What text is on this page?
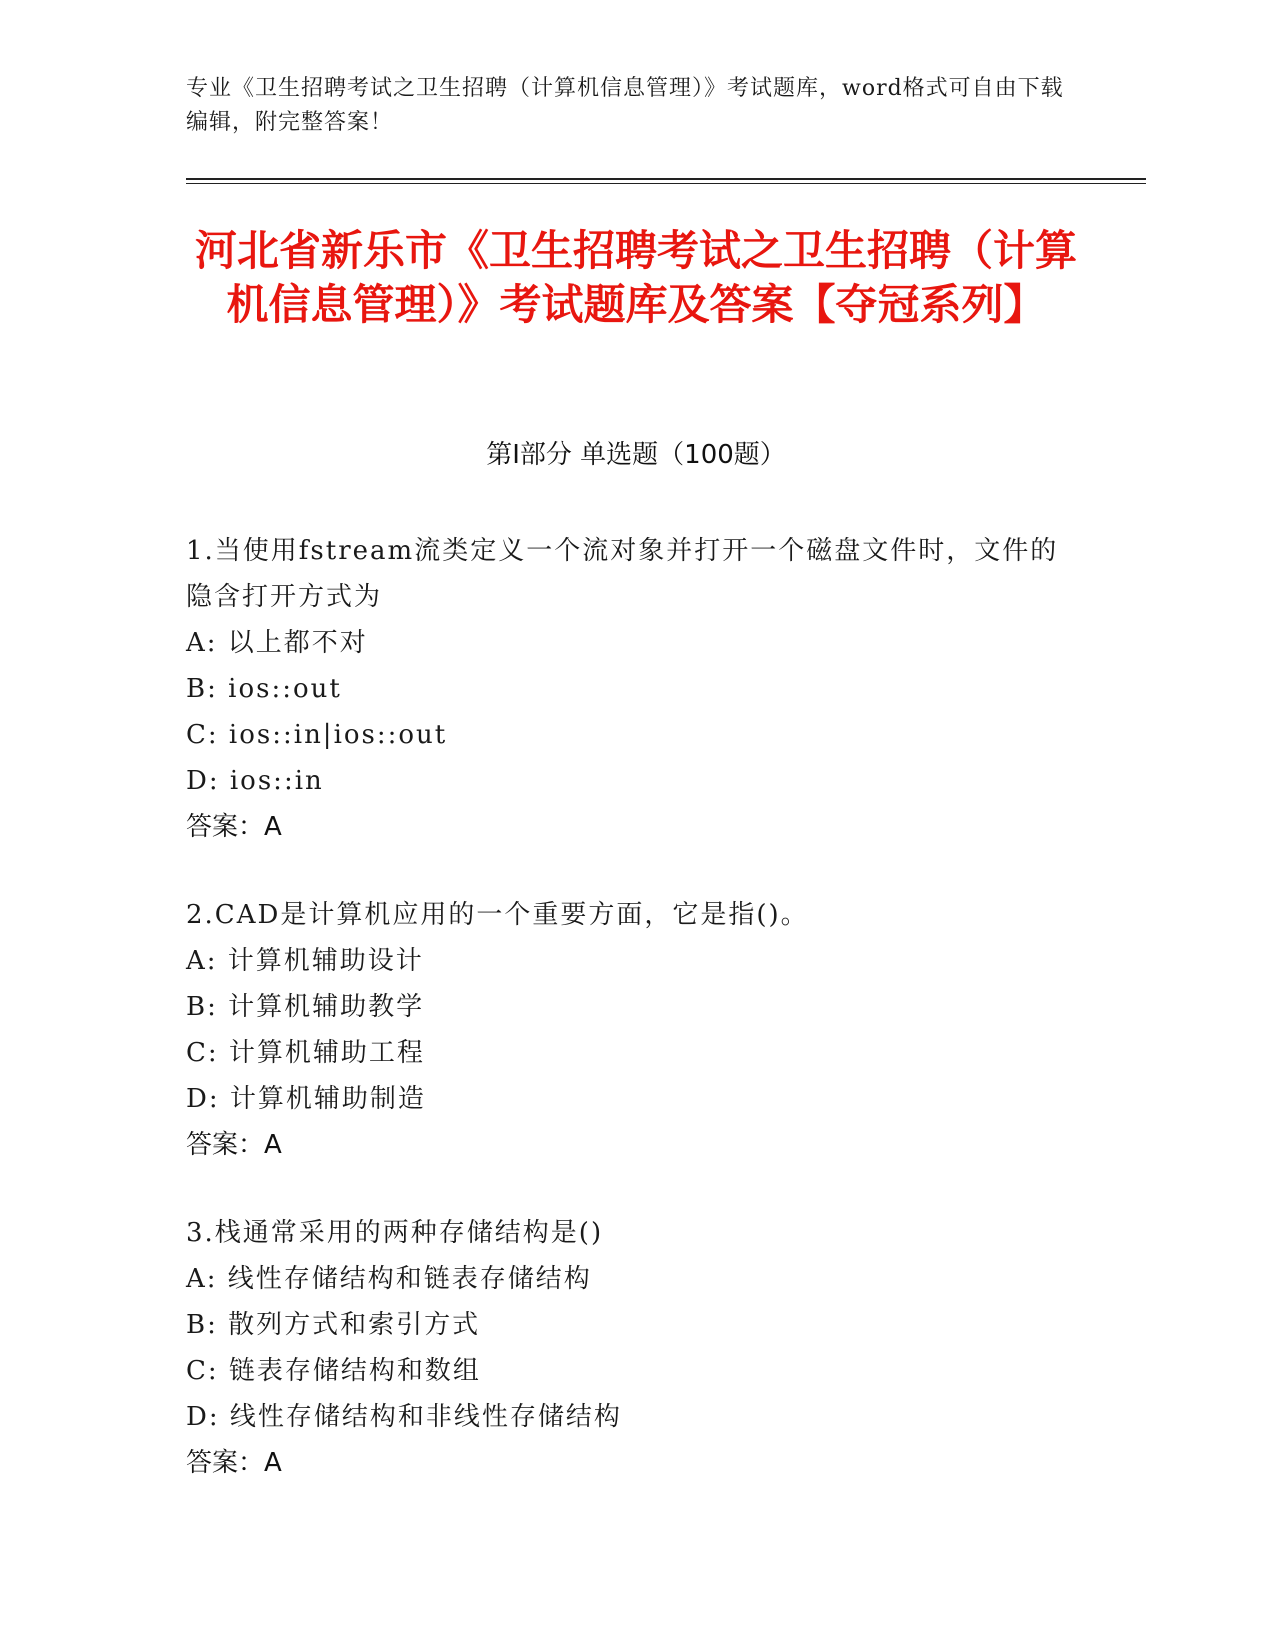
专业《卫生招聘考试之卫生招聘（计算机信息管理）》考试题库，word格式可自由下载编辑，附完整答案！
河北省新乐市《卫生招聘考试之卫生招聘（计算机信息管理）》考试题库及答案【夺冠系列】
第I部分 单选题（100题）
1.当使用fstream流类定义一个流对象并打开一个磁盘文件时，文件的隐含打开方式为
A: 以上都不对
B: ios::out
C: ios::in|ios::out
D: ios::in
答案：A
2.CAD是计算机应用的一个重要方面，它是指()。
A: 计算机辅助设计
B: 计算机辅助教学
C: 计算机辅助工程
D: 计算机辅助制造
答案：A
3.栈通常采用的两种存储结构是()
A: 线性存储结构和链表存储结构
B: 散列方式和索引方式
C: 链表存储结构和数组
D: 线性存储结构和非线性存储结构
答案：A
